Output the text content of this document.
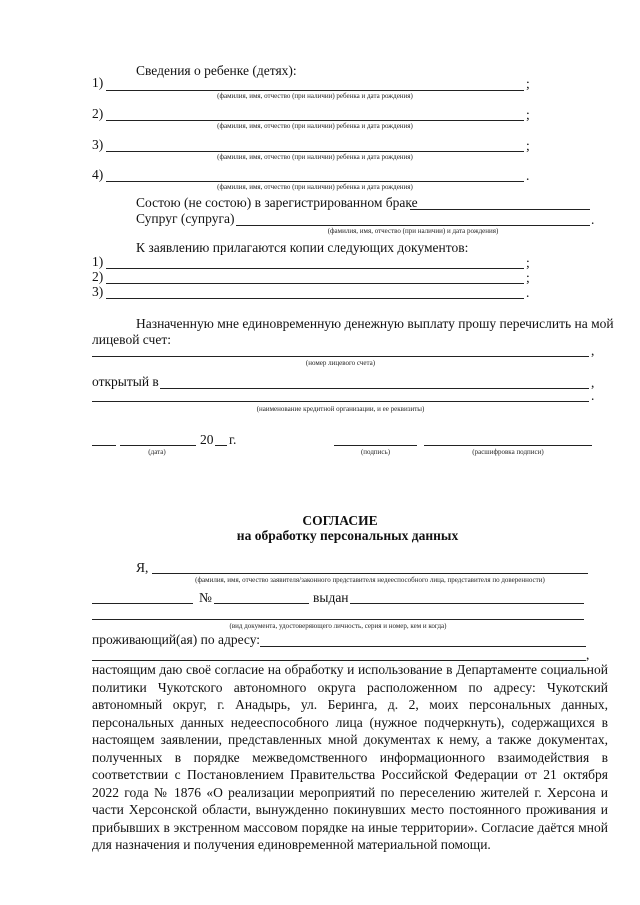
Сведения о ребенке (детях):
1)	;
(фамилия, имя, отчество (при наличии) ребенка и дата рождения)
2)	;
(фамилия, имя, отчество (при наличии) ребенка и дата рождения)
3)	;
(фамилия, имя, отчество (при наличии) ребенка и дата рождения)
4)	.
(фамилия, имя, отчество (при наличии) ребенка и дата рождения)
Состою (не состою) в зарегистрированном браке
Супруг (супруга)	.
(фамилия, имя, отчество (при наличии) и дата рождения)
К заявлению прилагаются копии следующих документов:
1)	;
2)	;
3)	.
Назначенную мне единовременную денежную выплату прошу перечислить на мой
лицевой счет:
,
(номер лицевого счета)
открытый в	,
.
(наименование кредитной организации, и ее реквизиты)
20 г.
(дата)	(подпись)	(расшифровка подписи)
СОГЛАСИЕ
на обработку персональных данных
Я,
(фамилия, имя, отчество заявителя/законного представителя недееспособного лица, представителя по доверенности)
№	выдан
(вид документа, удостоверяющего личность, серия и номер, кем и когда)
проживающий(ая) по адресу:
,
настоящим даю своё согласие на обработку и использование в Департаменте социальной политики Чукотского автономного округа расположенном по адресу: Чукотский автономный округ, г. Анадырь, ул. Беринга, д. 2, моих персональных данных, персональных данных недееспособного лица (нужное подчеркнуть), содержащихся в настоящем заявлении, представленных мной документах к нему, а также документах, полученных в порядке межведомственного информационного взаимодействия в соответствии с Постановлением Правительства Российской Федерации от 21 октября 2022 года № 1876 «О реализации мероприятий по переселению жителей г. Херсона и части Херсонской области, вынужденно покинувших место постоянного проживания и прибывших в экстренном массовом порядке на иные территории». Согласие даётся мной для назначения и получения единовременной материальной помощи.
